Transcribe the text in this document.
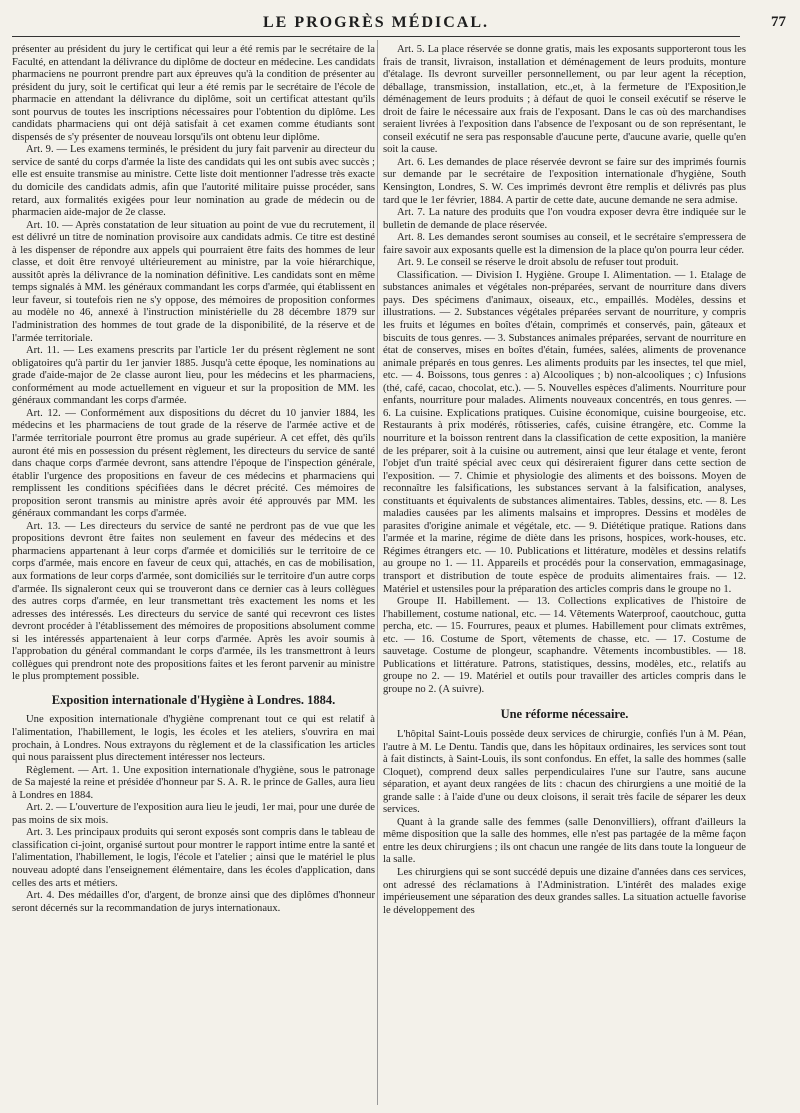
LE PROGRÈS MÉDICAL.	77

présenter au président du jury le certificat qui leur a été remis par le secrétaire de la Faculté, en attendant la délivrance du diplôme de docteur en médecine. Les candidats pharmaciens ne pourront prendre part aux épreuves qu'à la condition de présenter au président du jury, soit le certificat qui leur a été remis par le secrétaire de l'école de pharmacie en attendant la délivrance du diplôme, soit un certificat attestant qu'ils sont pourvus de toutes les inscriptions nécessaires pour l'obtention du diplôme. Les candidats pharmaciens qui ont déjà satisfait à cet examen comme étudiants sont dispensés de s'y présenter de nouveau lorsqu'ils ont obtenu leur diplôme.

Art. 9. — Les examens terminés, le président du jury fait parvenir au directeur du service de santé du corps d'armée la liste des candidats qui les ont subis avec succès ; elle est ensuite transmise au ministre. Cette liste doit mentionner l'adresse très exacte du domicile des candidats admis, afin que l'autorité militaire puisse procéder, sans retard, aux formalités exigées pour leur nomination au grade de médecin ou de pharmacien aide-major de 2e classe.

Art. 10. — Après constatation de leur situation au point de vue du recrutement, il est délivré un titre de nomination provisoire aux candidats admis. Ce titre est destiné à les dispenser de répondre aux appels qui pourraient être faits des hommes de leur classe, et doit être renvoyé ultérieurement au ministre, par la voie hiérarchique, aussitôt après la délivrance de la nomination définitive. Les candidats sont en même temps signalés à MM. les généraux commandant les corps d'armée, qui établissent en leur faveur, si toutefois rien ne s'y oppose, des mémoires de proposition conformes au modèle no 46, annexé à l'instruction ministérielle du 28 décembre 1879 sur l'administration des hommes de tout grade de la disponibilité, de la réserve et de l'armée territoriale.

Art. 11. — Les examens prescrits par l'article 1er du présent règlement ne sont obligatoires qu'à partir du 1er janvier 1885. Jusqu'à cette époque, les nominations au grade d'aide-major de 2e classe auront lieu, pour les médecins et les pharmaciens, conformément au mode actuellement en vigueur et sur la proposition de MM. les généraux commandant les corps d'armée.

Art. 12. — Conformément aux dispositions du décret du 10 janvier 1884, les médecins et les pharmaciens de tout grade de la réserve de l'armée active et de l'armée territoriale pourront être promus au grade supérieur. A cet effet, dès qu'ils auront été mis en possession du présent règlement, les directeurs du service de santé dans chaque corps d'armée devront, sans attendre l'époque de l'inspection générale, établir l'urgence des propositions en faveur de ces médecins et pharmaciens qui remplissent les conditions spécifiées dans le décret précité. Ces mémoires de proposition seront transmis au ministre après avoir été approuvés par MM. les généraux commandant les corps d'armée.

Art. 13. — Les directeurs du service de santé ne perdront pas de vue que les propositions devront être faites non seulement en faveur des médecins et des pharmaciens appartenant à leur corps d'armée et domiciliés sur le territoire de ce corps d'armée, mais encore en faveur de ceux qui, attachés, en cas de mobilisation, aux formations de leur corps d'armée, sont domiciliés sur le territoire d'un autre corps d'armée. Ils signaleront ceux qui se trouveront dans ce dernier cas à leurs collègues des autres corps d'armée, en leur transmettant très exactement les noms et les adresses des intéressés. Les directeurs du service de santé qui recevront ces listes devront procéder à l'établissement des mémoires de propositions absolument comme si les intéressés appartenaient à leur corps d'armée. Après les avoir soumis à l'approbation du général commandant le corps d'armée, ils les transmettront à leurs collègues qui prendront note des propositions faites et les feront parvenir au ministre le plus promptement possible.

Exposition internationale d'Hygiène à Londres. 1884.

Une exposition internationale d'hygiène comprenant tout ce qui est relatif à l'alimentation, l'habillement, le logis, les écoles et les ateliers, s'ouvrira en mai prochain, à Londres. Nous extrayons du règlement et de la classification les articles qui nous paraissent plus directement intéresser nos lecteurs.

Règlement. — Art. 1. Une exposition internationale d'hygiène, sous le patronage de Sa majesté la reine et présidée d'honneur par S. A. R. le prince de Galles, aura lieu à Londres en 1884.

Art. 2. — L'ouverture de l'exposition aura lieu le jeudi, 1er mai, pour une durée de pas moins de six mois.

Art. 3. Les principaux produits qui seront exposés sont compris dans le tableau de classification ci-joint, organisé surtout pour montrer le rapport intime entre la santé et l'alimentation, l'habillement, le logis, l'école et l'atelier ; ainsi que le matériel le plus nouveau adopté dans l'enseignement élémentaire, dans les écoles d'application, dans celles des arts et métiers.

Art. 4. Des médailles d'or, d'argent, de bronze ainsi que des diplômes d'honneur seront décernés sur la recommandation de jurys internationaux.

Art. 5. La place réservée se donne gratis, mais les exposants supporteront tous les frais de transit, livraison, installation et déménagement de leurs produits, monture d'étalage. Ils devront surveiller personnellement, ou par leur agent la réception, déballage, transmission, installation, etc.,et, à la fermeture de l'Exposition,le déménagement de leurs produits ; à défaut de quoi le conseil exécutif se réserve le droit de faire le nécessaire aux frais de l'exposant. Dans le cas où des marchandises seraient livrées à l'exposition dans l'absence de l'exposant ou de son représentant, le conseil exécutif ne sera pas responsable d'aucune perte, d'aucune avarie, quelle qu'en soit la cause.

Art. 6. Les demandes de place réservée devront se faire sur des imprimés fournis sur demande par le secrétaire de l'exposition internationale d'hygiène, South Kensington, Londres, S. W. Ces imprimés devront être remplis et délivrés pas plus tard que le 1er février, 1884. A partir de cette date, aucune demande ne sera admise.

Art. 7. La nature des produits que l'on voudra exposer devra être indiquée sur le bulletin de demande de place réservée.

Art. 8. Les demandes seront soumises au conseil, et le secrétaire s'empressera de faire savoir aux exposants quelle est la dimension de la place qu'on pourra leur céder.

Art. 9. Le conseil se réserve le droit absolu de refuser tout produit.

Classification. — Division I. Hygiène. Groupe I. Alimentation. — 1. Etalage de substances animales et végétales non-préparées, servant de nourriture dans divers pays. Des spécimens d'animaux, oiseaux, etc., empaillés. Modèles, dessins et illustrations. — 2. Substances végétales préparées servant de nourriture, y compris les fruits et légumes en boîtes d'étain, comprimés et conservés, pain, gâteaux et biscuits de tous genres. — 3. Substances animales préparées, servant de nourriture en état de conserves, mises en boîtes d'étain, fumées, salées, aliments de provenance animale préparés en tous genres. Les aliments produits par les insectes, tel que miel, etc. — 4. Boissons, tous genres : a) Alcooliques ; b) non-alcooliques ; c) Infusions (thé, café, cacao, chocolat, etc.). — 5. Nouvelles espèces d'aliments. Nourriture pour enfants, nourriture pour malades. Aliments nouveaux concentrés, en tous genres. — 6. La cuisine. Explications pratiques. Cuisine économique, cuisine bourgeoise, etc. Restaurants à prix modérés, rôtisseries, cafés, cuisine étrangère, etc. Comme la nourriture et la boisson rentrent dans la classification de cette exposition, la manière de les préparer, soit à la cuisine ou autrement, ainsi que leur étalage et vente, feront l'objet d'un traité spécial avec ceux qui désireraient figurer dans cette section de l'exposition. — 7. Chimie et physiologie des aliments et des boissons. Moyen de reconnaître les falsifications, les substances servant à la falsification, analyses, constituants et équivalents de substances alimentaires. Tables, dessins, etc. — 8. Les maladies causées par les aliments malsains et impropres. Dessins et modèles de parasites d'origine animale et végétale, etc. — 9. Diététique pratique. Rations dans l'armée et la marine, régime de diète dans les prisons, hospices, work-houses, etc. Régimes étrangers etc. — 10. Publications et littérature, modèles et dessins relatifs au groupe no 1. — 11. Appareils et procédés pour la conservation, emmagasinage, transport et distribution de toute espèce de produits alimentaires frais. — 12. Matériel et ustensiles pour la préparation des articles compris dans le groupe no 1.

Groupe II. Habillement. — 13. Collections explicatives de l'histoire de l'habillement, costume national, etc. — 14. Vêtements Waterproof, caoutchouc, gutta percha, etc. — 15. Fourrures, peaux et plumes. Habillement pour climats extrêmes, etc. — 16. Costume de Sport, vêtements de chasse, etc. — 17. Costume de sauvetage. Costume de plongeur, scaphandre. Vêtements incombustibles. — 18. Publications et littérature. Patrons, statistiques, dessins, modèles, etc., relatifs au groupe no 2. — 19. Matériel et outils pour travailler des articles compris dans le groupe no 2. (A suivre).

Une réforme nécessaire.

L'hôpital Saint-Louis possède deux services de chirurgie, confiés l'un à M. Péan, l'autre à M. Le Dentu. Tandis que, dans les hôpitaux ordinaires, les services sont tout à fait distincts, à Saint-Louis, ils sont confondus. En effet, la salle des hommes (salle Cloquet), comprend deux salles perpendiculaires l'une sur l'autre, sans aucune séparation, et ayant deux rangées de lits : chacun des chirurgiens a une moitié de la grande salle : à l'aide d'une ou deux cloisons, il serait très facile de séparer les deux services.

Quant à la grande salle des femmes (salle Denonvilliers), offrant d'ailleurs la même disposition que la salle des hommes, elle n'est pas partagée de la même façon entre les deux chirurgiens ; ils ont chacun une rangée de lits dans toute la longueur de la salle.

Les chirurgiens qui se sont succédé depuis une dizaine d'années dans ces services, ont adressé des réclamations à l'Administration. L'intérêt des malades exige impérieusement une séparation des deux grandes salles. La situation actuelle favorise le développement des
